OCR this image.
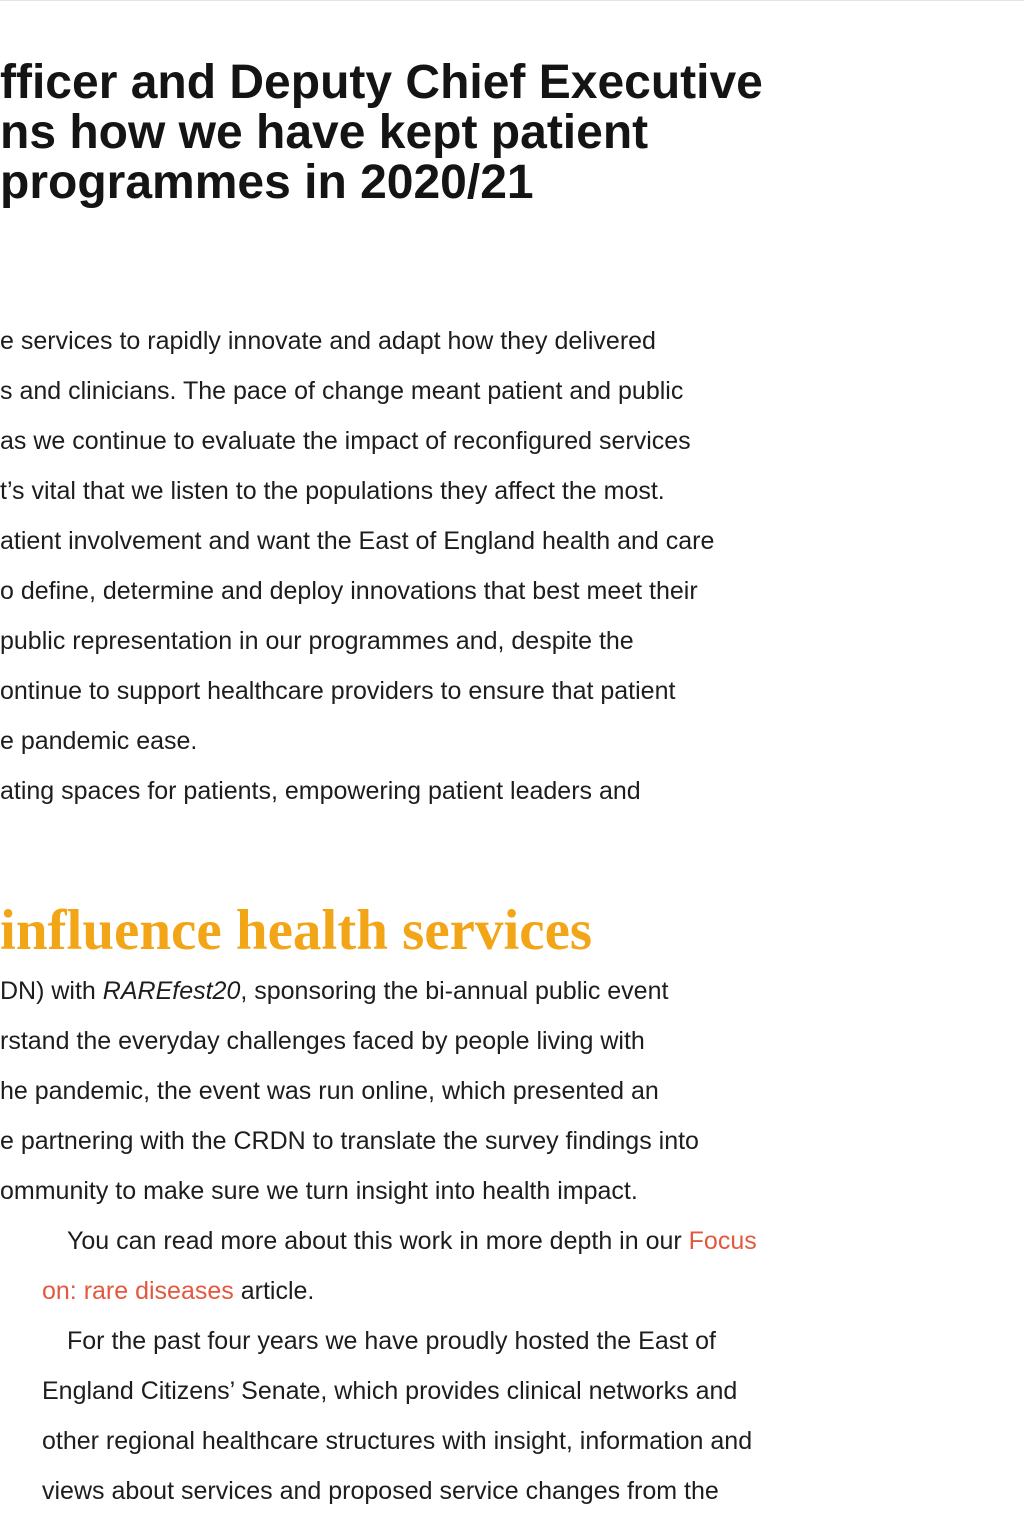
fficer and Deputy Chief Executive
ns how we have kept patient
programmes in 2020/21
e services to rapidly innovate and adapt how they delivered
s and clinicians. The pace of change meant patient and public
as we continue to evaluate the impact of reconfigured services
t’s vital that we listen to the populations they affect the most.
atient involvement and want the East of England health and care
o define, determine and deploy innovations that best meet their
public representation in our programmes and, despite the
ontinue to support healthcare providers to ensure that patient
e pandemic ease.
ating spaces for patients, empowering patient leaders and
influence health services
DN) with RAREfest20, sponsoring the bi-annual public event
rstand the everyday challenges faced by people living with
he pandemic, the event was run online, which presented an
e partnering with the CRDN to translate the survey findings into
ommunity to make sure we turn insight into health impact.
You can read more about this work in more depth in our Focus
on: rare diseases article.
For the past four years we have proudly hosted the East of
England Citizens’ Senate, which provides clinical networks and
other regional healthcare structures with insight, information and
views about services and proposed service changes from the
